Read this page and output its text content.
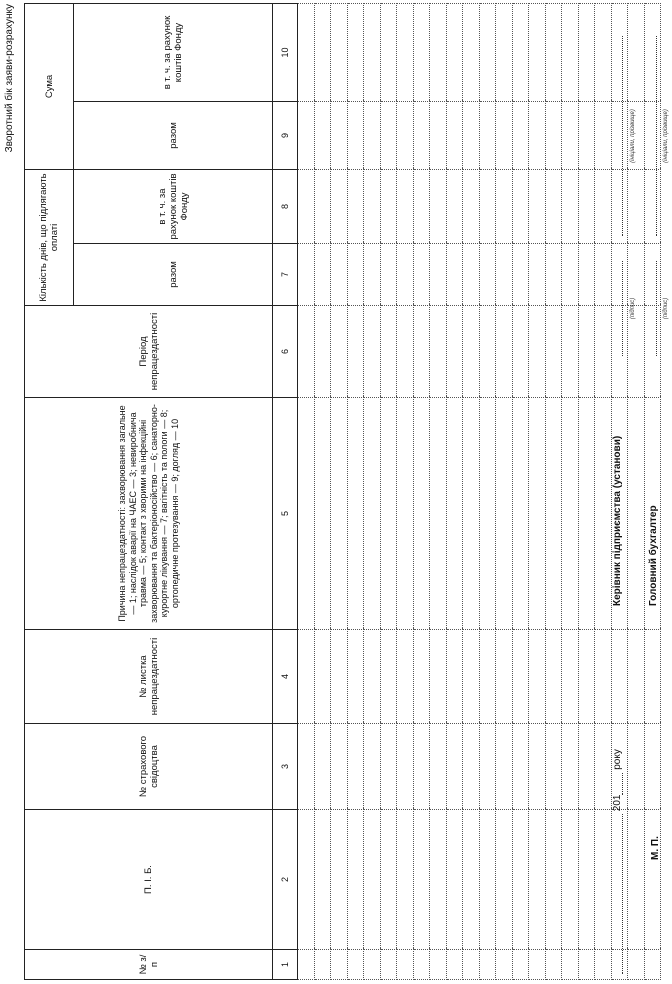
Зворотний бік заяви-розрахунку
№ з/п	П. І. Б.	№ страхового свідоцтва	№ листка непрацездатності	Причина непрацездатності: захворювання загальне — 1; наслідок аварії на ЧАЕС — 3; невиробнича травма — 5; контакт з хворими на інфекційні захворювання та бактеріоносійство — 6; санаторно-курортне лікування — 7; вагітність та пологи — 8; ортопедичне протезування — 9; догляд — 10	Період непрацездатності	Кількість днів, що підлягають оплаті		Сума	
						разом	в т. ч. за рахунок коштів Фонду	разом	в т. ч. за рахунок коштів Фонду
1	2	3	4	5	6	7	8	9	10

201 року
М. П.
Керівник підприємства (установи)
(підпис)
(ініціали, прізвище)
Головний бухгалтер
(підпис)
(ініціали, прізвище)
